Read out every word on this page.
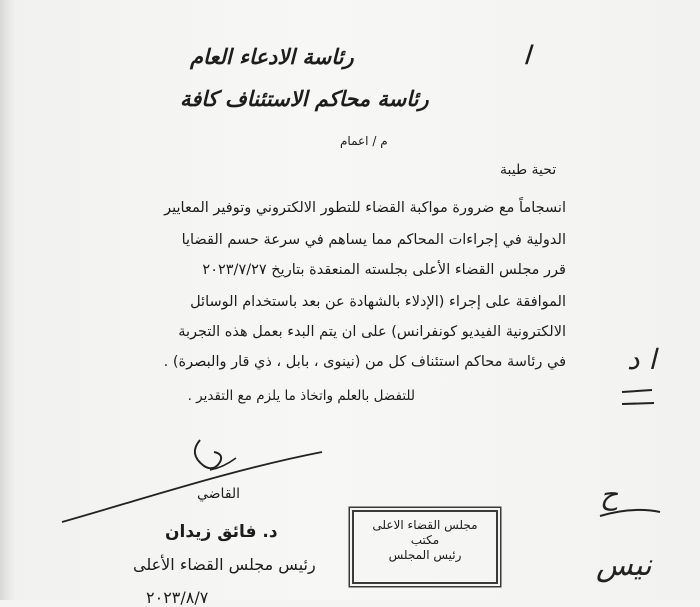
/
رئاسة الادعاء العام
رئاسة محاكم الاستئناف كافة
م / اعمام
تحية طيبة
انسجاماً مع ضرورة مواكبة القضاء للتطور الالكتروني وتوفير المعايير
الدولية في إجراءات المحاكم مما يساهم في سرعة حسم القضايا
قرر مجلس القضاء الأعلى بجلسته المنعقدة بتاريخ ٢٠٢٣/٧/٢٧
الموافقة على إجراء (الإدلاء بالشهادة عن بعد باستخدام الوسائل
الالكترونية الفيديو كونفرانس) على ان يتم البدء بعمل هذه التجربة
في رئاسة محاكم استئناف كل من (نينوى ، بابل ، ذي قار والبصرة) .
للتفضل بالعلم واتخاذ ما يلزم مع التقدير .
القاضي
د. فائق زيدان
رئيس مجلس القضاء الأعلى
٢٠٢٣/٨/٧
مجلس القضاء الاعلى
مكتب
رئيس المجلس
ا د
ح
نيس
